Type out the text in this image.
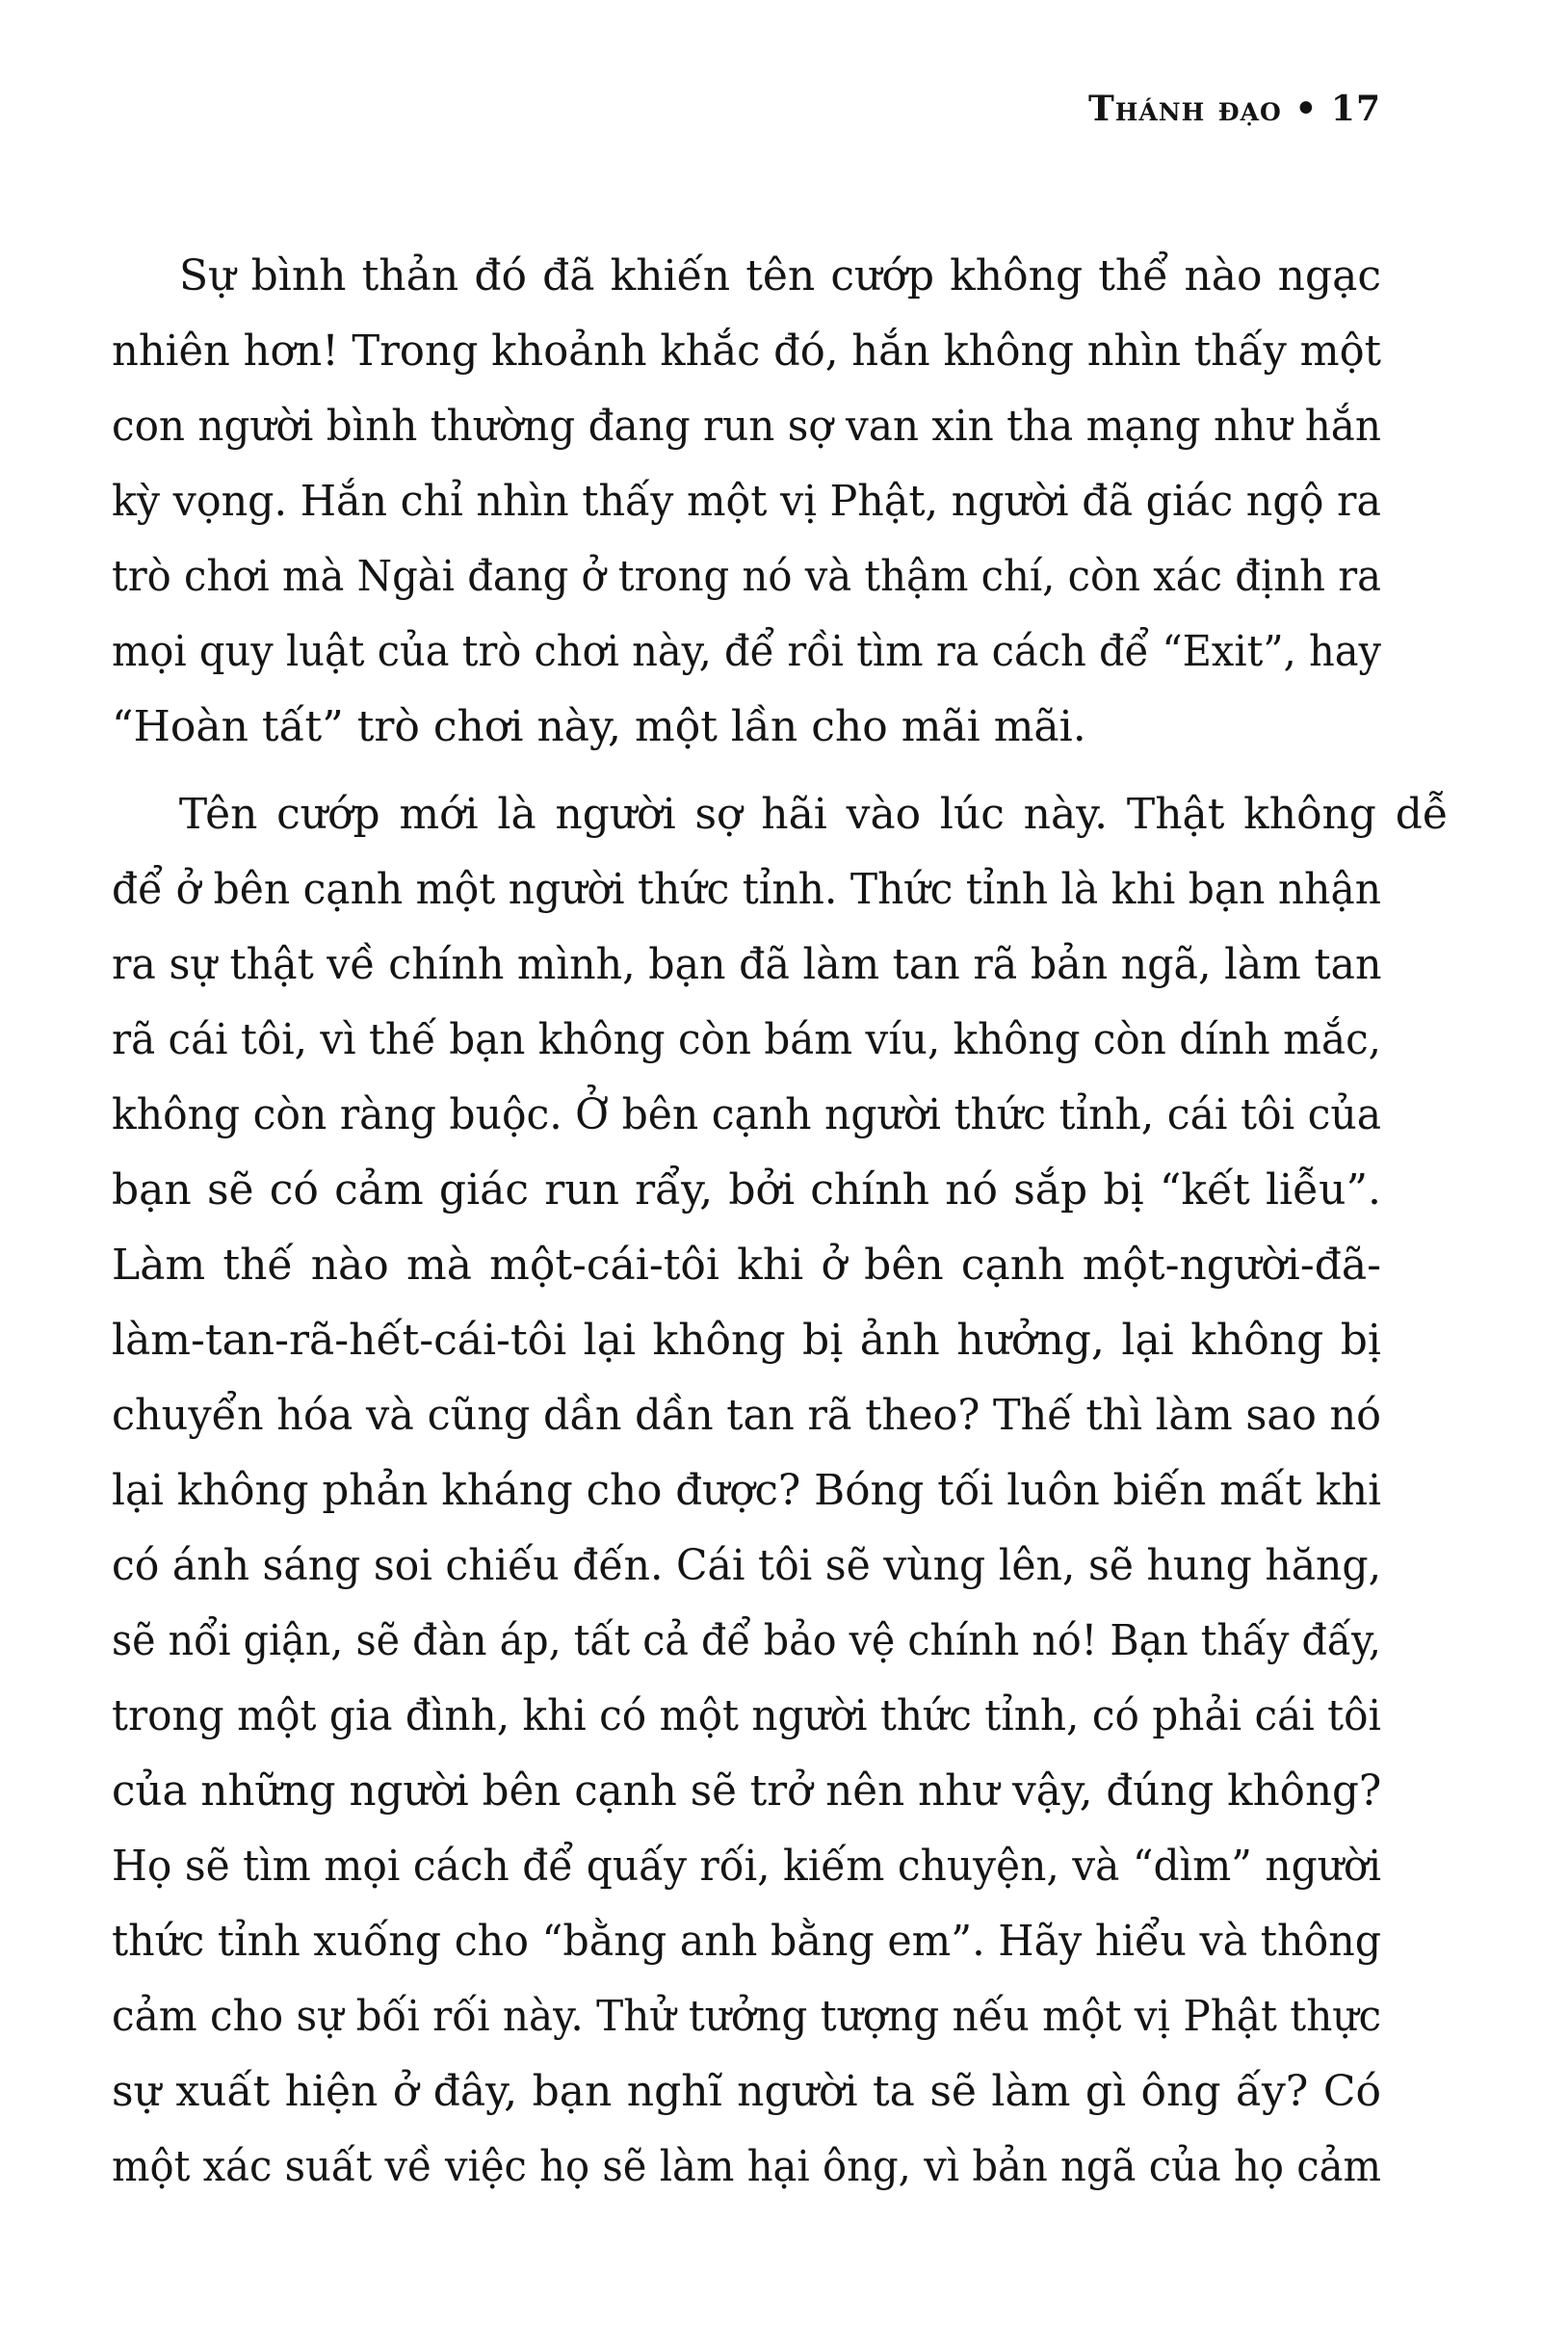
Thánh đạo • 17
Sự bình thản đó đã khiến tên cướp không thể nào ngạc
nhiên hơn! Trong khoảnh khắc đó, hắn không nhìn thấy một
con người bình thường đang run sợ van xin tha mạng như hắn
kỳ vọng. Hắn chỉ nhìn thấy một vị Phật, người đã giác ngộ ra
trò chơi mà Ngài đang ở trong nó và thậm chí, còn xác định ra
mọi quy luật của trò chơi này, để rồi tìm ra cách để “Exit”, hay
“Hoàn tất” trò chơi này, một lần cho mãi mãi.
Tên cướp mới là người sợ hãi vào lúc này. Thật không dễ
để ở bên cạnh một người thức tỉnh. Thức tỉnh là khi bạn nhận
ra sự thật về chính mình, bạn đã làm tan rã bản ngã, làm tan
rã cái tôi, vì thế bạn không còn bám víu, không còn dính mắc,
không còn ràng buộc. Ở bên cạnh người thức tỉnh, cái tôi của
bạn sẽ có cảm giác run rẩy, bởi chính nó sắp bị “kết liễu”.
Làm thế nào mà một-cái-tôi khi ở bên cạnh một-người-đã-
làm-tan-rã-hết-cái-tôi lại không bị ảnh hưởng, lại không bị
chuyển hóa và cũng dần dần tan rã theo? Thế thì làm sao nó
lại không phản kháng cho được? Bóng tối luôn biến mất khi
có ánh sáng soi chiếu đến. Cái tôi sẽ vùng lên, sẽ hung hăng,
sẽ nổi giận, sẽ đàn áp, tất cả để bảo vệ chính nó! Bạn thấy đấy,
trong một gia đình, khi có một người thức tỉnh, có phải cái tôi
của những người bên cạnh sẽ trở nên như vậy, đúng không?
Họ sẽ tìm mọi cách để quấy rối, kiếm chuyện, và “dìm” người
thức tỉnh xuống cho “bằng anh bằng em”. Hãy hiểu và thông
cảm cho sự bối rối này. Thử tưởng tượng nếu một vị Phật thực
sự xuất hiện ở đây, bạn nghĩ người ta sẽ làm gì ông ấy? Có
một xác suất về việc họ sẽ làm hại ông, vì bản ngã của họ cảm
